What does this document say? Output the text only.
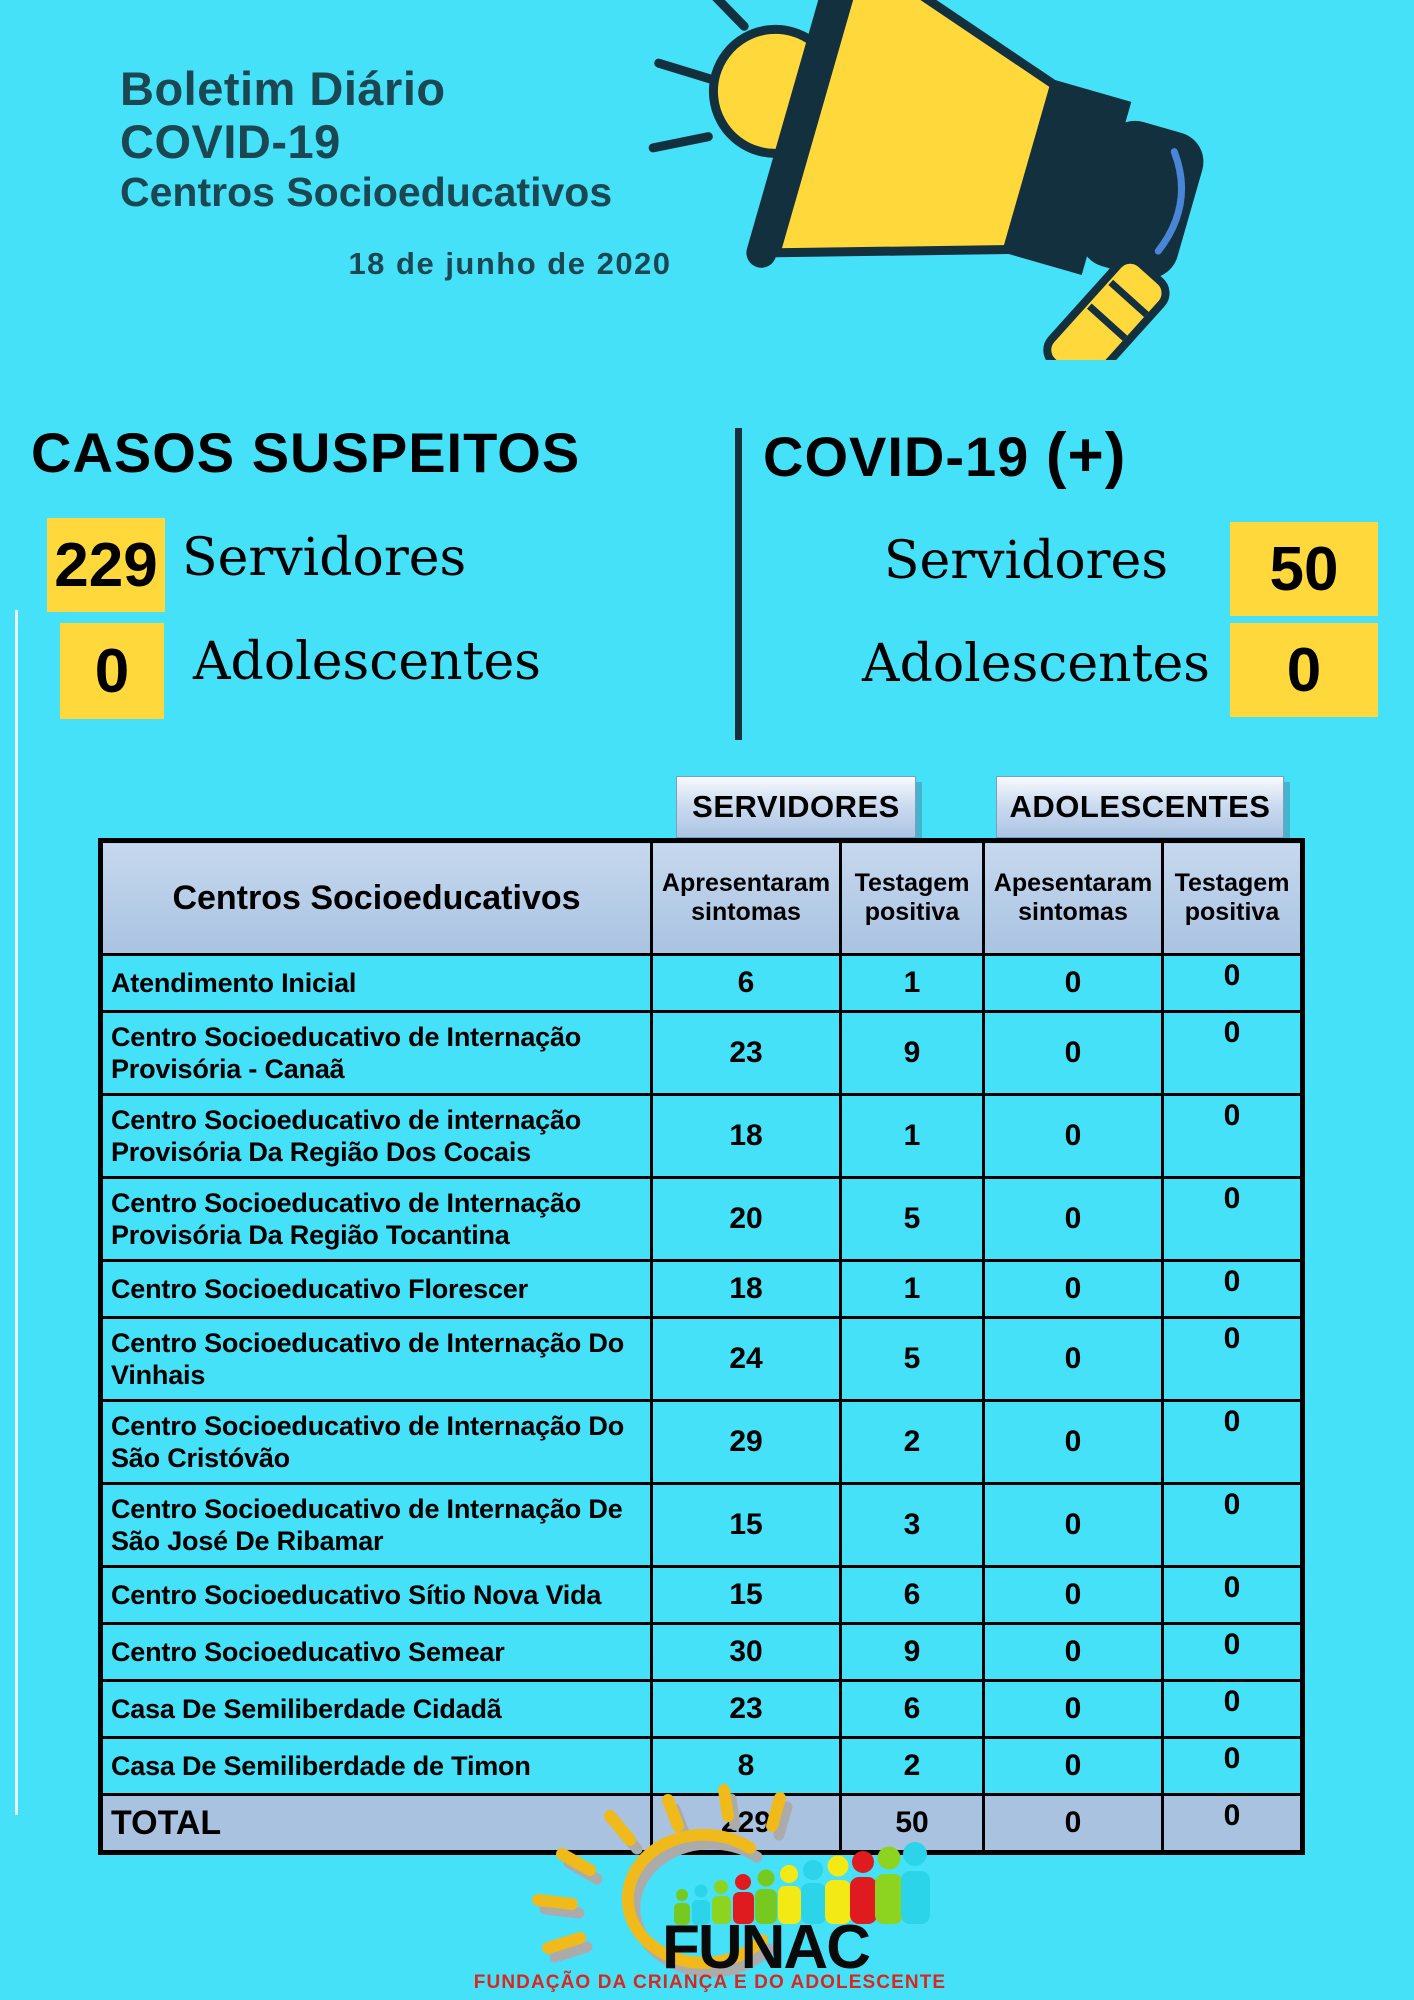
Boletim Diário
COVID-19
Centros Socioeducativos
18 de junho de 2020
CASOS SUSPEITOS
229 Servidores
0	Adolescentes
COVID-19 (+)
Servidores	50
Adolescentes	0
SERVIDORES	ADOLESCENTES
Centros Socioeducativos	Apresentaram sintomas	Testagem positiva	Apesentaram sintomas	Testagem positiva
Atendimento Inicial	6	1	0	0
Centro Socioeducativo de Internação Provisória - Canaã	23	9	0	0
Centro Socioeducativo de internação Provisória Da Região Dos Cocais	18	1	0	0
Centro Socioeducativo de Internação Provisória Da Região Tocantina	20	5	0	0
Centro Socioeducativo Florescer	18	1	0	0
Centro Socioeducativo de Internação Do Vinhais	24	5	0	0
Centro Socioeducativo de Internação Do São Cristóvão	29	2	0	0
Centro Socioeducativo de Internação De São José De Ribamar	15	3	0	0
Centro Socioeducativo Sítio Nova Vida	15	6	0	0
Centro Socioeducativo Semear	30	9	0	0
Casa De Semiliberdade Cidadã	23	6	0	0
Casa De Semiliberdade de Timon	8	2	0	0
TOTAL	229	50	0	0
FUNAC
FUNDAÇÃO DA CRIANÇA E DO ADOLESCENTE
